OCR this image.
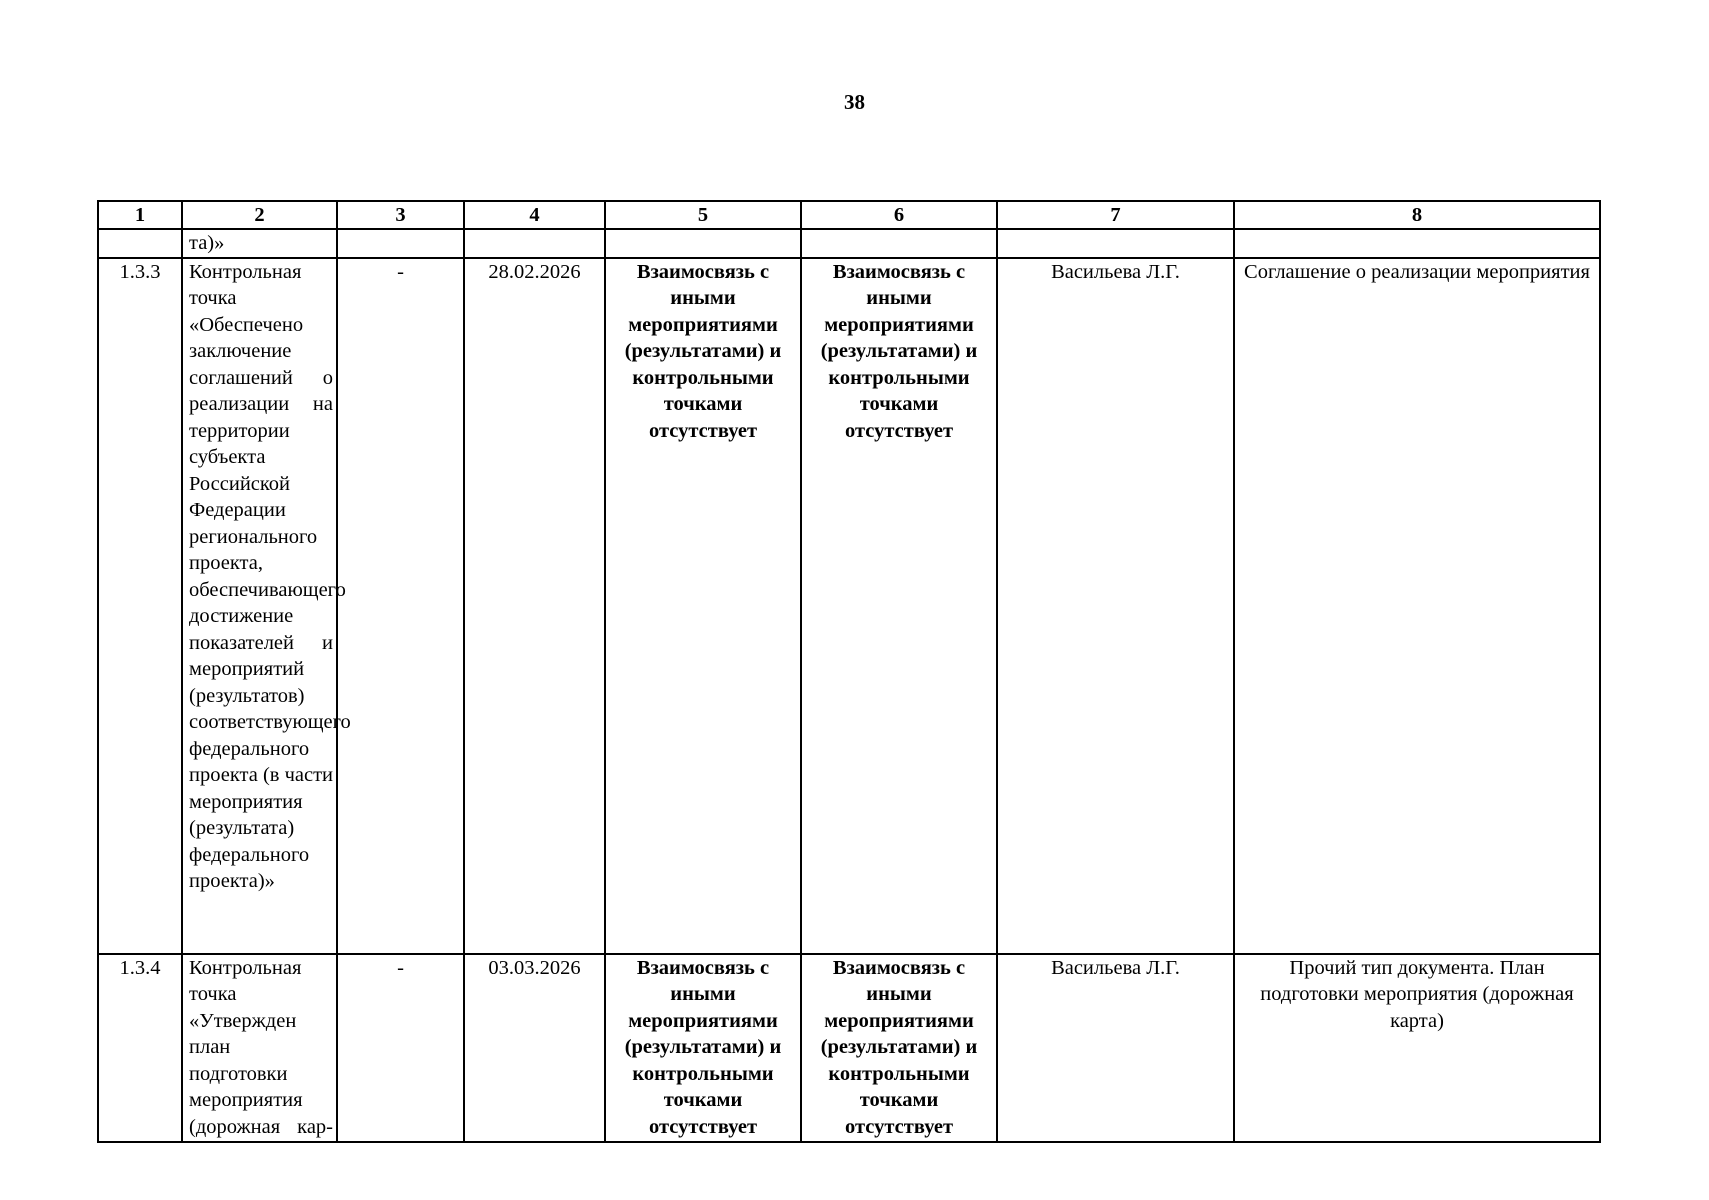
38
1	2	3	4	5	6	7	8
	та)»						
1.3.3	Контрольная точка «Обеспечено заключение соглашений о реализации на территории субъекта Российской Федерации регионального проекта, обеспечивающего достижение показателей и мероприятий (результатов) соответствующего федерального проекта (в части мероприятия (результата) федерального проекта)»	-	28.02.2026	Взаимосвязь с иными мероприятиями (результатами) и контрольными точками отсутствует	Взаимосвязь с иными мероприятиями (результатами) и контрольными точками отсутствует	Васильева Л.Г.	Соглашение о реализации мероприятия
1.3.4	Контрольная точка «Утвержден план подготовки мероприятия (дорожная кар-	-	03.03.2026	Взаимосвязь с иными мероприятиями (результатами) и контрольными точками отсутствует	Взаимосвязь с иными мероприятиями (результатами) и контрольными точками отсутствует	Васильева Л.Г.	Прочий тип документа. План подготовки мероприятия (дорожная карта)
